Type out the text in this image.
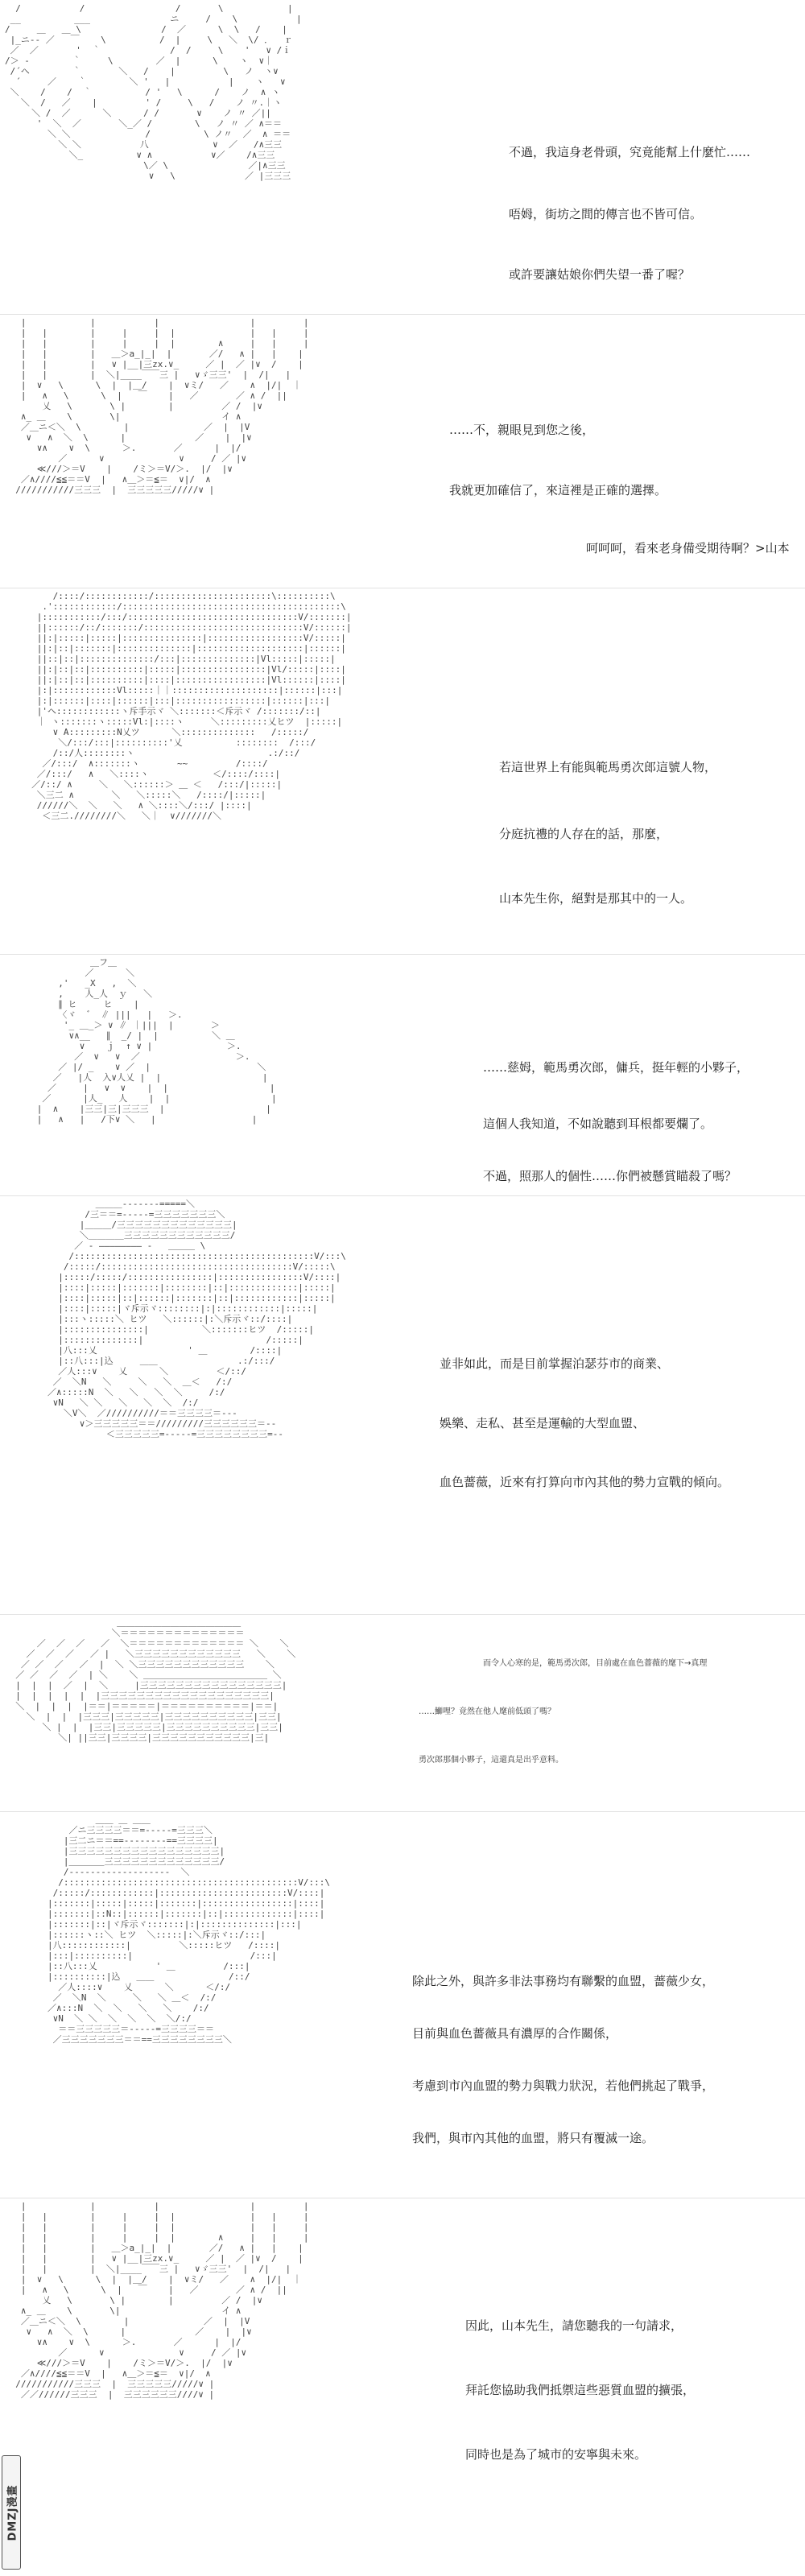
/           /                 /       \            |
__          ___               ニ     /    \           |
/     ＿   ＿ \               /  ／      \  \   /    |
|_ニ-‐ ／   ￣    \          /  |     \   ＼  \/ ．  ｒ
／  ／       '  ｀             /  /     \    '   ∨ /ｉ
/＞ ‐        ｀     \        ／  |      \    ヽ  ∨｜
/´ヘ        ｀       ＼   /    |         \   ノ  ヽ∨
´     ／    ｀        ＼ '   |           |    ヽ   ∨
＼    /    /  ｀          / '   \      /    ノ  ∧ ヽ
＼  /   ／    |         ' /     \   /    ノ 〃.｜ヽ
＼ /  ／      ＼      / /       ∨    ノ 〃 ／||
'  ＼  ／       ＼_／ /        \   ノ 〃 ／ ∧＝＝
＼ ＼              /          \ ノ〃  ／  ∧ ＝＝
＼ ＼           八            ∨  ／   /∧三三
＼_          ∨ ∧           ∨／    /∧三三
\／ \               ／|∧三三
∨   \             ／ |三三三

不過，我這身老骨頭，究竟能幫上什麼忙……
唔姆，街坊之間的傳言也不皆可信。
或許要讓姑娘你們失望一番了喔？
|            |           |                 |         |
|   |        |     |     |  |              |   |     |
|   |        |     |     |  |        ∧     |   |     |
|   |        |   ＿＞a_|_|  |       ／/   ∧ |   |    |
|   |        |   ∨ |__|三zx.∨_     ／ |  ／ |∨  /    |
|   |        |  ＼|____￣￣三 |   ∨ゞ三三'  |  /|   |
|  ∨   \      \  |  |＿/    |  ∨ミ/   ／    ∧  |/|  ｜
|   ∧   \      \  |   ￣    |   ／       ／ ∧ /  ||
乂   \       \ |        |         ／ /  |∨
∧_ ＿    \       \|                   イ ∧
／＿ニ＜＼  \        |              ／  |  |V
∨   ∧  ＼  \      |             ／    |  |∨
∨∧    ∨  \      ＞.       ／      |  |/
／      ∨              ∨     / ／ |∨
≪///＞＝V    |    /ミ＞＝V/＞.  |/  |∨
／∧////≦≦＝＝V  |   ∧＿＞＝≦＝  ∨|/  ∧
///////////三三三  |  三三三三三/////∨ |

……不，親眼見到您之後，
我就更加確信了，來這裡是正確的選擇。
呵呵呵，看來老身備受期待啊？>山本
/::::/::::::::::::/::::::::::::::::::::::\::::::::::\
.'::::::::::::/:::::::::::::::::::::::::::::::::::::::::\
|:::::::::::/:::/::::::::::::::::::::::::::::::::V/:::::::|
||::::::/::/:::::::/::::::::::::::::::::::::::::::V/::::::|
||:|:::::|:::::|:::::::::::::::|::::::::::::::::::V/:::::|
||:|::|:::::::|::::::::::::::|::::::::::::::::::::|::::::|
||::|::|::::::::::::::/:::|::::::::::::::|Vl:::::|:::::|
||:|::|::|::::::::::|:::::|::::::::::::::::|Vl/:::::|::::|
||:|::|::|::::::::::|::::|:::::::::::::::::|Vl::::::|::::|
|:|::::::::::::Vl:::::｜｜::::::::::::::::::::|::::::|:::|
|:|::::::|::::|::::::|:::|:::::::::::::::::|::::::|:::|
|'ヘ::::::::::::ヽ斥手示ヾ ＼:::::::＜斥示ヾ /:::::::/::|
｜ ヽ:::::::ヽ:::::Vl:|::::ヽ     ＼:::::::::乂ヒツ  |:::::|
∨ A:::::::::N乂ツ      ＼::::::::::::::   /:::::/
＼/:::/:::|::::::::::'乂          ::::::::  /:::/
/::/人::::::::ヽ                         .:/::/
／/:::/  ∧:::::::ヽ       ~~         /::::/
／/:::/   ∧   ＼::::ヽ            ＜/::::/::::|
／/::/ ∧     ＼   ＼::::::＞ ＿ ＜   /:::/|:::::|
＼三二 ∧       ＼   ＼:::::＼   /::::/|:::::|
//////＼  ＼   ＼   ∧ ＼::::＼/:::/ |::::|
＜三二.////////＼   ＼｜  ∨///////＼

若這世界上有能與範馬勇次郎這號人物，
分庭抗禮的人存在的話，那麼，
山本先生你，絕對是那其中的一人。
＿フ＿
／      ＼
,'   _X   ,  ＼
,    人_人  ｙ   ＼
∥ ヒ     ヒ    |
〈ヾ  ゛ ∥ |||   |   ＞.
'_ ＿_＞ ∨ ∥ ｜|||  |       ＞
∨∧__   ∥  _/ |  |          ＼ ＿
∨    ｊ  ↑ ∨ |              ＞.
／  ∨   ∨  ／                  ＞.
／ |/ _    ∨ ／  |                    ＼
／   |人  入∨人乂 |  |                   |
／     |   ∨  ∨    |  |                   |
／      |人_   人    |  |                   |
|  ∧    |三三|三|三三三  |                   |
|   ∧   |   /下∨ ＼   |                  |

……慈姆，範馬勇次郎，傭兵，挺年輕的小夥子，
這個人我知道，不如說聽到耳根都要爛了。
不過，照那人的個性……你們被懸賞瞄殺了嗎？
＿＿＿--‐‐‐‐‐=====＼
/三＝＝=-‐‐‐-=三三三三三三三＼
|＿＿＿/三三三三三三三三三三三三三|
＼＿＿＿＿三三三三三三三三三三三三/
／ - ―――――――― -   ＿＿＿ \
/:::::::::::::::::::::::::::::::::::::::::::::V/:::\
/:::::/::::::::::::::::::::::::::::::::::::V/:::::\
|:::::/:::::/::::::::::::::::|::::::::::::::::V/::::|
|::::|:::::|:::::::|::::::::|::|:::::::::::::|:::::|
|::::|:::::|::|::::::|:::::::|::|::::::::::::|:::::|
|::::|:::::|ヾ斥示ヾ::::::::|:|::::::::::::|:::::|
|:::ヽ:::::＼ ヒツ   ＼::::::|:＼斥示ヾ::/::::|
|:::::::::::::::|          ＼:::::::ヒツ  /:::::|
|::::::::::::::|                       /:::::|
|八:::乂                 ' ＿        /::::|
|::八:::|込     ＿＿               .:/:::/
／人:::∨    乂      ＼         ＜/::/
／  ＼N   ＼     ＼   ＼  ＿＜   /:/
／∧:::::N  ＼   ＼   ＼  ＼     /:/
∨N   ＼ ＼   ＼   ＼  ＼  /:/
＼V＼  ／//////////＝＝三三三三＝-‐‐
∨＞三三三三三＝＝/////////三三三三三三＝-‐
＜三三三三三=-‐‐‐-=三三三三三三三三=-‐

並非如此，而是目前掌握泊瑟芬市的商業、
娛樂、走私、甚至是運輸的大型血盟、
血色薔薇，近來有打算向市內其他的勢力宣戰的傾向。
＿＿＿＿＿＿＿＿＿＿＿＿＿＿
＼＝＝＝＝＝＝＝＝＝＝＝＝＝＝
／  ／  ／   ／  ＼＝＝＝＝＝＝＝＝＝＝＝＝＝ ＼    ＼
／  ／  ／   ／ |   ＼三三三三三三三三三三三三   ＼    ＼
／ ／  ／   ／  |  ＼ ＼三三三三三三三三三三三三    ＼
／ ／  ／  ／  | ＼    ＼ ＿＿＿＿＿＿＿＿＿＿＿＿＿＿ ＼
|  |  |  ／  |  ＼     |三三三三三三三三三三三三三三三三|
|  |  |  |  |  |三三三三三三三三三三三三三三三三三三三|
＼  |  |  |  |＝＝|＝＝＝＝＝|＝＝＝＝＝＝＝＝＝＝|＝＝|
＼  |  |  |三三三|三三三三三|三三三三三三三三三三|三三|
＼ |  |  |三三|三三三三三|三三三三三三三三三三|三三|
＼| ||三三|三三三三|三三三三三三三三三三三|三|

而令人心寒的是，範馬勇次郎，目前處在血色薔薇的麾下→真理
……鰤哩？竟然在他人麾前低頭了嗎？
勇次郎那個小夥子，這還真是出乎意料。
＿＿ ＿ ＿＿
／ニ三三三三＝＝=-‐‐‐-=三三三＼
|三二ニ＝＝==‐‐‐‐‐‐‐-==三三三三|
|三三三三三三三三三三三三三三三三三|
|＿＿＿＿三三三三三三三三三三三三三/
/-‐‐‐‐‐‐‐‐‐‐‐‐‐‐‐‐‐‐  ＼
/::::::::::::::::::::::::::::::::::::::::::::V/:::\
/:::::/::::::::::::|::::::::::::::::::::::::V/::::|
|:::::::|:::::|:::::|:::::::|:::::::::::::::::|::::|
|:::::::|::N::|::::::|:::::::|::|:::::::::::::|::::|
|:::::::|::|ヾ斥示ヾ:::::::|:|::::::::::::::|:::|
|::::::ヽ::＼ ヒツ  ＼:::::|:＼斥示ヾ::/:::|
|八::::::::::::|         ＼:::::ヒツ   /::::|
|:::|::::::::::|                      /:::|
|::八:::乂           ' ＿         /:::|
|::::::::::|込   ＿＿              /::/
／人::::∨    乂      ＼      ＜/:/
／  ＼N  ＼     ＼   ＼ ＿＜  /:/
／∧:::N  ＼  ＼   ＼   ＼    /:/
∨N  ＼ ＼  ＼  ＼  ＼  ＼/:/
＝＝三三三三三＝-‐‐‐-=三三三三＝＝
／三三三三三三三＝＝==三三三三三三三三＼

除此之外，與許多非法事務均有聯繫的血盟，薔薇少女，
目前與血色薔薇具有濃厚的合作關係，
考慮到市內血盟的勢力與戰力狀況，若他們挑起了戰爭，
我們，與市內其他的血盟，將只有覆滅一途。
|            |           |                 |         |
|   |        |     |     |  |              |   |     |
|   |        |     |     |  |              |   |     |
|   |        |     |     |  |        ∧     |   |     |
|   |        |   ＿＞a_|_|  |       ／/   ∧ |   |    |
|   |        |   ∨ |__|三zx.∨_     ／ |  ／ |∨  /    |
|   |        |  ＼|____￣￣三 |   ∨ゞ三三'  |  /|   |
|  ∨   \      \  |  |＿/    |  ∨ミ/   ／    ∧  |/|  ｜
|   ∧   \      \  |   ￣    |   ／       ／ ∧ /  ||
乂   \       \ |        |         ／ /  |∨
∧_ ＿    \       \|                   イ ∧
／＿ニ＜＼  \        |              ／  |  |V
∨   ∧  ＼  \      |             ／    |  |∨
∨∧    ∨  \      ＞.       ／      |  |/
／      ∨              ∨     / ／ |∨
≪///＞＝V    |    /ミ＞＝V/＞.  |/  |∨
／∧////≦≦＝＝V  |   ∧＿＞＝≦＝  ∨|/  ∧
///////////三三三  |  三三三三三/////∨ |
／／//////三三三  |  三三三三三三////∨ |

因此，山本先生，請您聽我的一句請求，
拜託您協助我們抵禦這些惡質血盟的擴張，
同時也是為了城市的安寧與未來。
DMZJ漫畫
